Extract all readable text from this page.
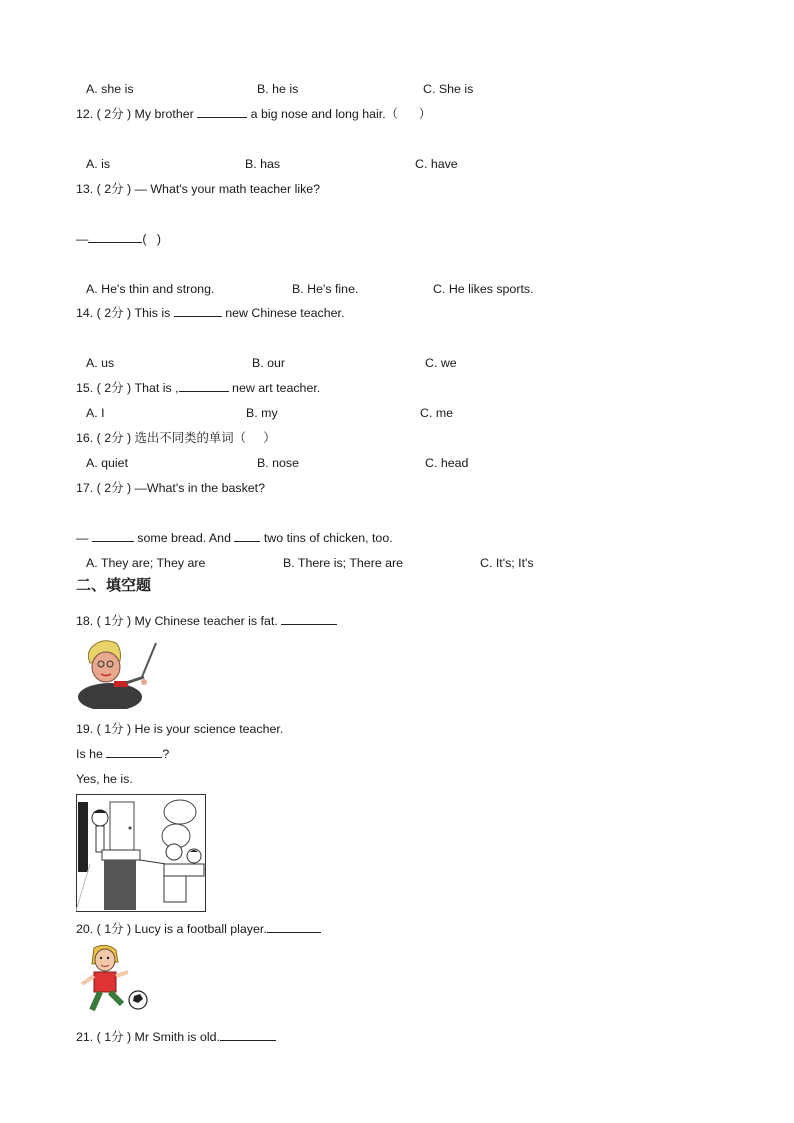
A. she is	B. he is	C. She is
12. ( 2分 ) My brother	a big nose and long hair.（      ）
A. is	B. has	C. have
13. ( 2分 ) — What's your math teacher like?
—	(   )
A. He's thin and strong.	B. He's fine.	C. He likes sports.
14. ( 2分 ) This is	new Chinese teacher.
A. us	B. our	C. we
15. ( 2分 ) That is ,	new art teacher.
A. I	B. my	C. me
16. ( 2分 ) 选出不同类的单词（     ）
A. quiet	B. nose	C. head
17. ( 2分 ) —What's in the basket?
—	some bread. And  two tins of chicken, too.
A. They are; They are	B. There is; There are	C. It's; It's
二、填空题
18. ( 1分 ) My Chinese teacher is fat.
19. ( 1分 ) He is your science teacher.
Is he	?
Yes, he is.
20. ( 1分 ) Lucy is a football player.
21. ( 1分 ) Mr Smith is old.
